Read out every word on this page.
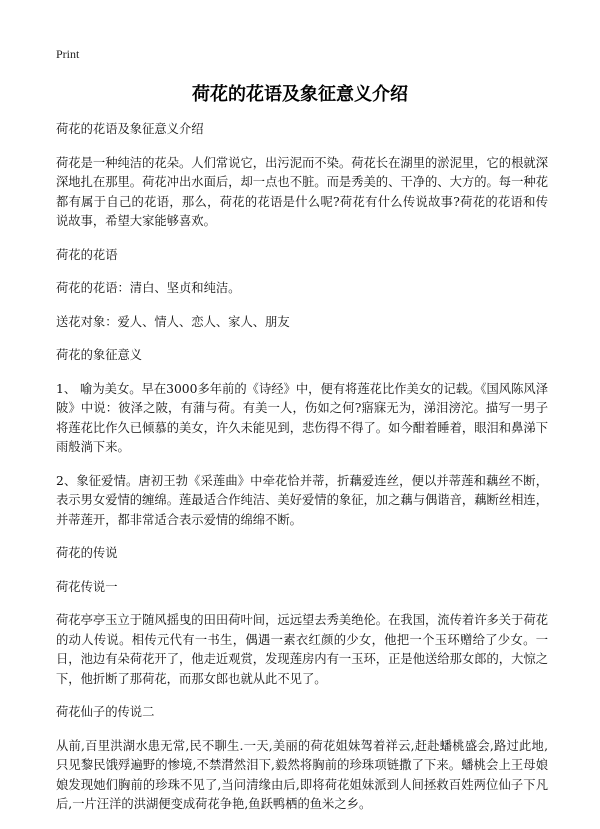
Print
荷花的花语及象征意义介绍

荷花的花语及象征意义介绍

荷花是一种纯洁的花朵。人们常说它，出污泥而不染。荷花长在湖里的淤泥里，它的根就深深地扎在那里。荷花冲出水面后，却一点也不脏。而是秀美的、干净的、大方的。每一种花都有属于自己的花语，那么，荷花的花语是什么呢?荷花有什么传说故事?荷花的花语和传说故事，希望大家能够喜欢。

荷花的花语

荷花的花语：清白、坚贞和纯洁。

送花对象：爱人、情人、恋人、家人、朋友

荷花的象征意义

1、 喻为美女。早在3000多年前的《诗经》中，便有将莲花比作美女的记载。《国风陈风泽陂》中说：彼泽之陂，有蒲与荷。有美一人，伤如之何?寤寐无为，涕泪滂沱。描写一男子将莲花比作久已倾慕的美女，许久未能见到，悲伤得不得了。如今酣着睡着，眼泪和鼻涕下雨般淌下来。

2、象征爱情。唐初王勃《采莲曲》中牵花恰并蒂，折藕爱连丝，便以并蒂莲和藕丝不断，表示男女爱情的缠绵。莲最适合作纯洁、美好爱情的象征，加之藕与偶谐音，藕断丝相连，并蒂莲开，都非常适合表示爱情的绵绵不断。

荷花的传说

荷花传说一

荷花亭亭玉立于随风摇曳的田田荷叶间，远远望去秀美绝伦。在我国，流传着许多关于荷花的动人传说。相传元代有一书生，偶遇一素衣红颜的少女，他把一个玉环赠给了少女。一日，池边有朵荷花开了，他走近观赏，发现莲房内有一玉环，正是他送给那女郎的，大惊之下，他折断了那荷花，而那女郎也就从此不见了。

荷花仙子的传说二

从前,百里洪湖水患无常,民不聊生.一天,美丽的荷花姐妹驾着祥云,赶赴蟠桃盛会,路过此地,只见黎民饿殍遍野的惨境,不禁潸然泪下,毅然将胸前的珍珠项链撒了下来。蟠桃会上王母娘娘发现她们胸前的珍珠不见了,当问清缘由后,即将荷花姐妹派到人间拯救百姓两位仙子下凡后,一片汪洋的洪湖便变成荷花争艳,鱼跃鸭栖的鱼米之乡。
